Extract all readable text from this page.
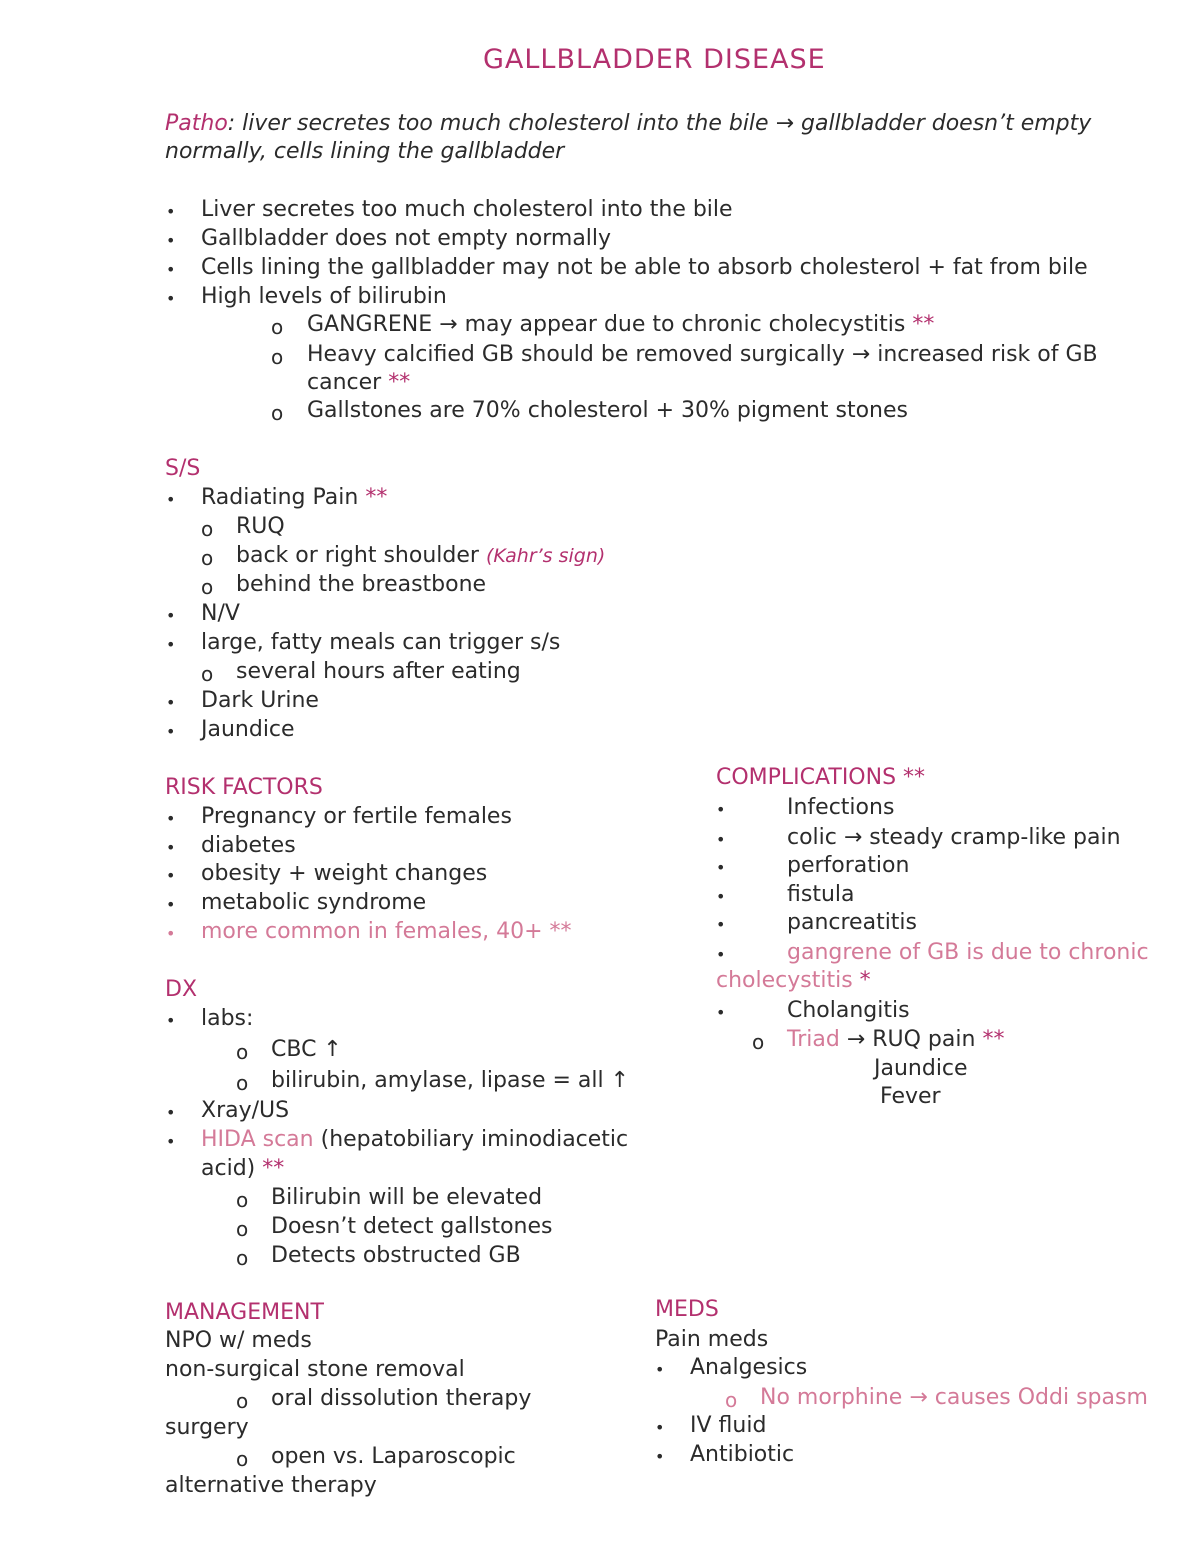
GALLBLADDER DISEASE
Patho: liver secretes too much cholesterol into the bile → gallbladder doesn’t empty
normally, cells lining the gallbladder
• Liver secretes too much cholesterol into the bile
• Gallbladder does not empty normally
• Cells lining the gallbladder may not be able to absorb cholesterol + fat from bile
• High levels of bilirubin
o GANGRENE → may appear due to chronic cholecystitis **
o Heavy calcified GB should be removed surgically → increased risk of GB
cancer **
o Gallstones are 70% cholesterol + 30% pigment stones
S/S
• Radiating Pain **
o RUQ
o back or right shoulder (Kahr’s sign)
o behind the breastbone
• N/V
• large, fatty meals can trigger s/s
o several hours after eating
• Dark Urine
• Jaundice
RISK FACTORS
• Pregnancy or fertile females
• diabetes
• obesity + weight changes
• metabolic syndrome
• more common in females, 40+ **
DX
• labs:
o CBC ↑
o bilirubin, amylase, lipase = all ↑
• Xray/US
• HIDA scan (hepatobiliary iminodiacetic
acid) **
o Bilirubin will be elevated
o Doesn’t detect gallstones
o Detects obstructed GB
COMPLICATIONS **
•	Infections
•	colic → steady cramp-like pain
•	perforation
•	fistula
•	pancreatitis
•	gangrene of GB is due to chronic
cholecystitis *
•	Cholangitis
o Triad → RUQ pain **
Jaundice
Fever
MANAGEMENT
NPO w/ meds
non-surgical stone removal
o oral dissolution therapy
surgery
o open vs. Laparoscopic
alternative therapy
MEDS
Pain meds
• Analgesics
o No morphine → causes Oddi spasm
• IV fluid
• Antibiotic
